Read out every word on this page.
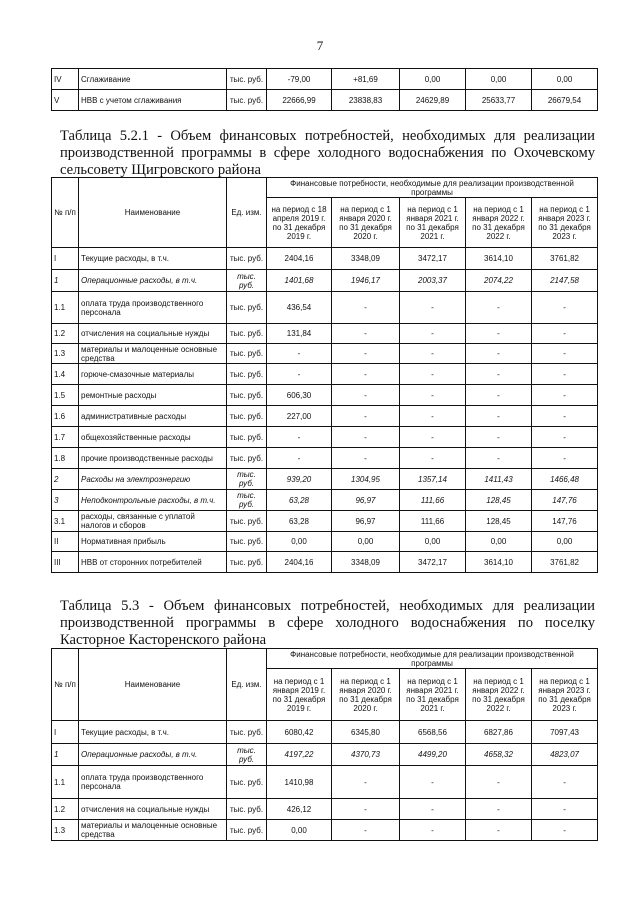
7
IV	Сглаживание	тыс. руб.	-79,00	+81,69	0,00	0,00	0,00
V	НВВ с учетом сглаживания	тыс. руб.	22666,99	23838,83	24629,89	25633,77	26679,54
Таблица 5.2.1 - Объем финансовых потребностей, необходимых для реализации производственной программы в сфере холодного водоснабжения по Охочевскому сельсовету Щигровского района
№ п/п	Наименование	Ед. изм.	Финансовые потребности, необходимые для реализации производственной программы				
			на период с 18 апреля 2019 г. по 31 декабря 2019 г.	на период с 1 января 2020 г. по 31 декабря 2020 г.	на период с 1 января 2021 г. по 31 декабря 2021 г.	на период с 1 января 2022 г. по 31 декабря 2022 г.	на период с 1 января 2023 г. по 31 декабря 2023 г.
I	Текущие расходы, в т.ч.	тыс. руб.	2404,16	3348,09	3472,17	3614,10	3761,82
1	Операционные расходы, в т.ч.	тыс. руб.	1401,68	1946,17	2003,37	2074,22	2147,58
1.1	оплата труда производственного персонала	тыс. руб.	436,54	-	-	-	-
1.2	отчисления на социальные нужды	тыс. руб.	131,84	-	-	-	-
1.3	материалы и малоценные основные средства	тыс. руб.	-	-	-	-	-
1.4	горюче-смазочные материалы	тыс. руб.	-	-	-	-	-
1.5	ремонтные расходы	тыс. руб.	606,30	-	-	-	-
1.6	административные расходы	тыс. руб.	227,00	-	-	-	-
1.7	общехозяйственные расходы	тыс. руб.	-	-	-	-	-
1.8	прочие производственные расходы	тыс. руб.	-	-	-	-	-
2	Расходы на электроэнергию	тыс. руб.	939,20	1304,95	1357,14	1411,43	1466,48
3	Неподконтрольные расходы, в т.ч.	тыс. руб.	63,28	96,97	111,66	128,45	147,76
3.1	расходы, связанные с уплатой налогов и сборов	тыс. руб.	63,28	96,97	111,66	128,45	147,76
II	Нормативная прибыль	тыс. руб.	0,00	0,00	0,00	0,00	0,00
III	НВВ от сторонних потребителей	тыс. руб.	2404,16	3348,09	3472,17	3614,10	3761,82
Таблица 5.3 - Объем финансовых потребностей, необходимых для реализации производственной программы в сфере холодного водоснабжения по поселку Касторное Касторенского района
№ п/п	Наименование	Ед. изм.	Финансовые потребности, необходимые для реализации производственной программы				
			на период с 1 января 2019 г. по 31 декабря 2019 г.	на период с 1 января 2020 г. по 31 декабря 2020 г.	на период с 1 января 2021 г. по 31 декабря 2021 г.	на период с 1 января 2022 г. по 31 декабря 2022 г.	на период с 1 января 2023 г. по 31 декабря 2023 г.
I	Текущие расходы, в т.ч.	тыс. руб.	6080,42	6345,80	6568,56	6827,86	7097,43
1	Операционные расходы, в т.ч.	тыс. руб.	4197,22	4370,73	4499,20	4658,32	4823,07
1.1	оплата труда производственного персонала	тыс. руб.	1410,98	-	-	-	-
1.2	отчисления на социальные нужды	тыс. руб.	426,12	-	-	-	-
1.3	материалы и малоценные основные средства	тыс. руб.	0,00	-	-	-	-
